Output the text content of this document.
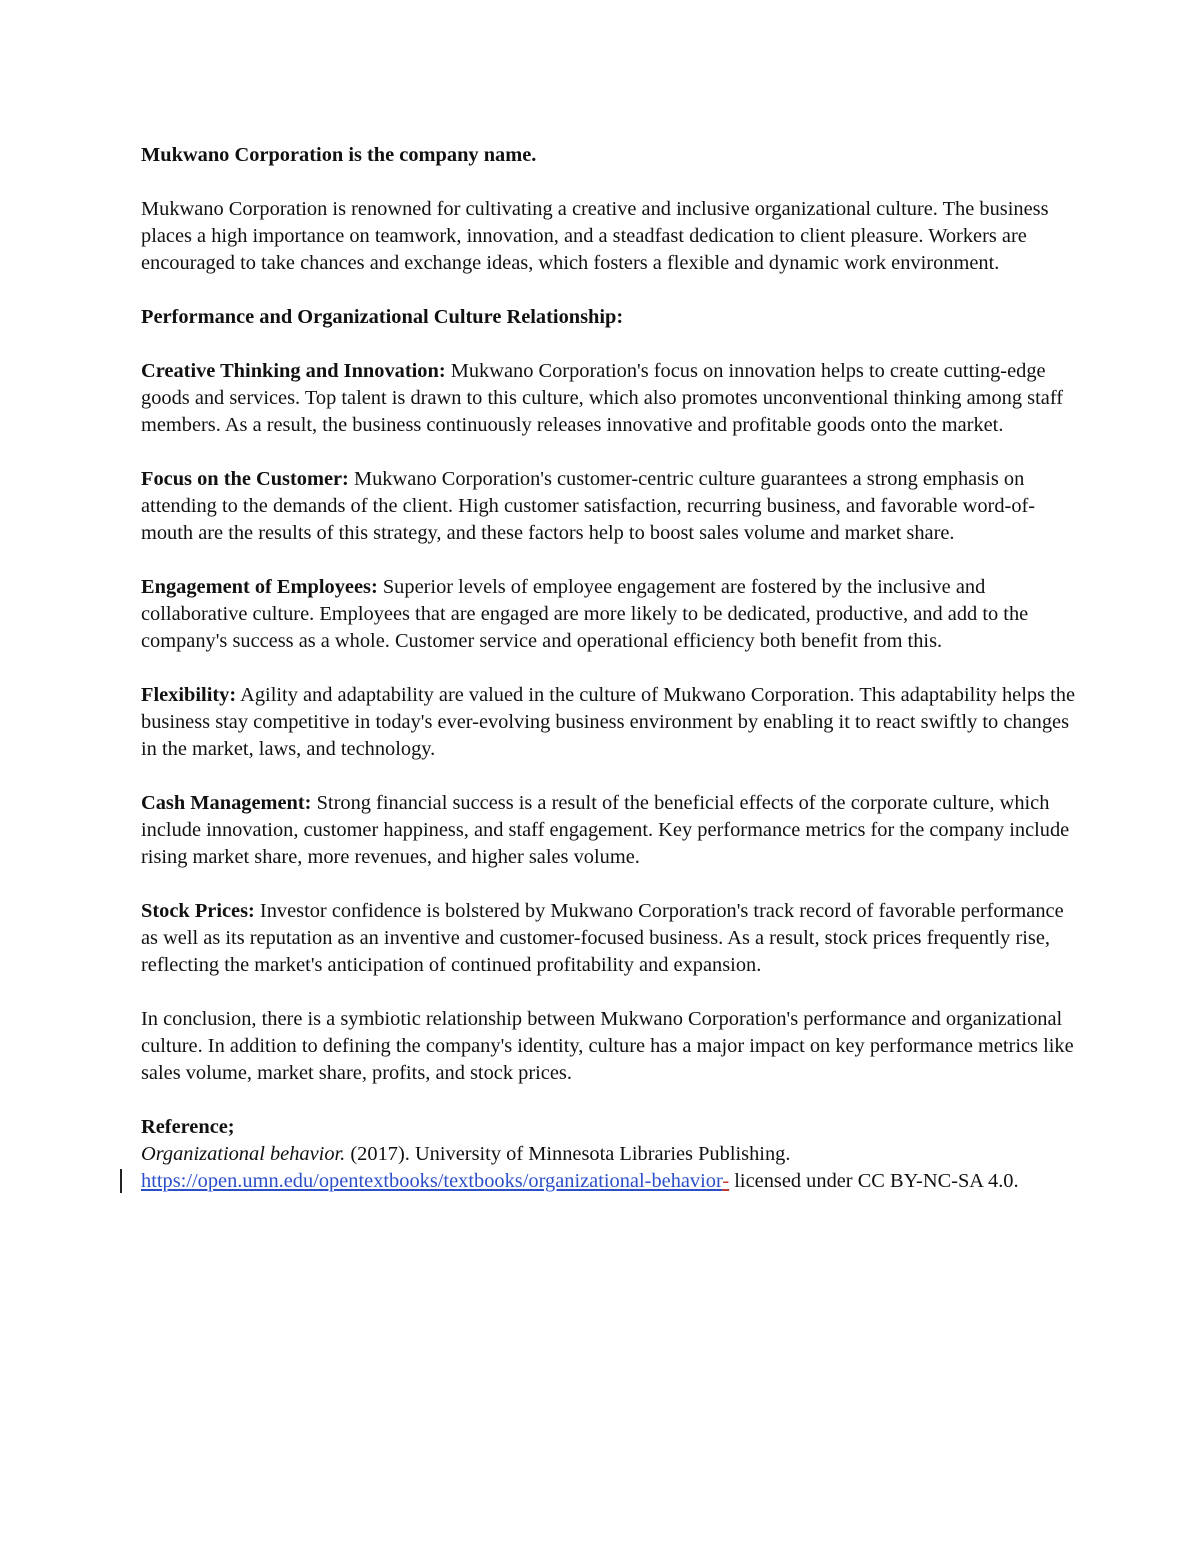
Mukwano Corporation is the company name.

Mukwano Corporation is renowned for cultivating a creative and inclusive organizational culture. The business places a high importance on teamwork, innovation, and a steadfast dedication to client pleasure. Workers are encouraged to take chances and exchange ideas, which fosters a flexible and dynamic work environment.

Performance and Organizational Culture Relationship:

Creative Thinking and Innovation: Mukwano Corporation's focus on innovation helps to create cutting-edge goods and services. Top talent is drawn to this culture, which also promotes unconventional thinking among staff members. As a result, the business continuously releases innovative and profitable goods onto the market.

Focus on the Customer: Mukwano Corporation's customer-centric culture guarantees a strong emphasis on attending to the demands of the client. High customer satisfaction, recurring business, and favorable word-of-mouth are the results of this strategy, and these factors help to boost sales volume and market share.

Engagement of Employees: Superior levels of employee engagement are fostered by the inclusive and collaborative culture. Employees that are engaged are more likely to be dedicated, productive, and add to the company's success as a whole. Customer service and operational efficiency both benefit from this.

Flexibility: Agility and adaptability are valued in the culture of Mukwano Corporation. This adaptability helps the business stay competitive in today's ever-evolving business environment by enabling it to react swiftly to changes in the market, laws, and technology.

Cash Management: Strong financial success is a result of the beneficial effects of the corporate culture, which include innovation, customer happiness, and staff engagement. Key performance metrics for the company include rising market share, more revenues, and higher sales volume.

Stock Prices: Investor confidence is bolstered by Mukwano Corporation's track record of favorable performance as well as its reputation as an inventive and customer-focused business. As a result, stock prices frequently rise, reflecting the market's anticipation of continued profitability and expansion.

In conclusion, there is a symbiotic relationship between Mukwano Corporation's performance and organizational culture. In addition to defining the company's identity, culture has a major impact on key performance metrics like sales volume, market share, profits, and stock prices.

Reference;

Organizational behavior. (2017). University of Minnesota Libraries Publishing. https://open.umn.edu/opentextbooks/textbooks/organizational-behavior- licensed under CC BY-NC-SA 4.0.
